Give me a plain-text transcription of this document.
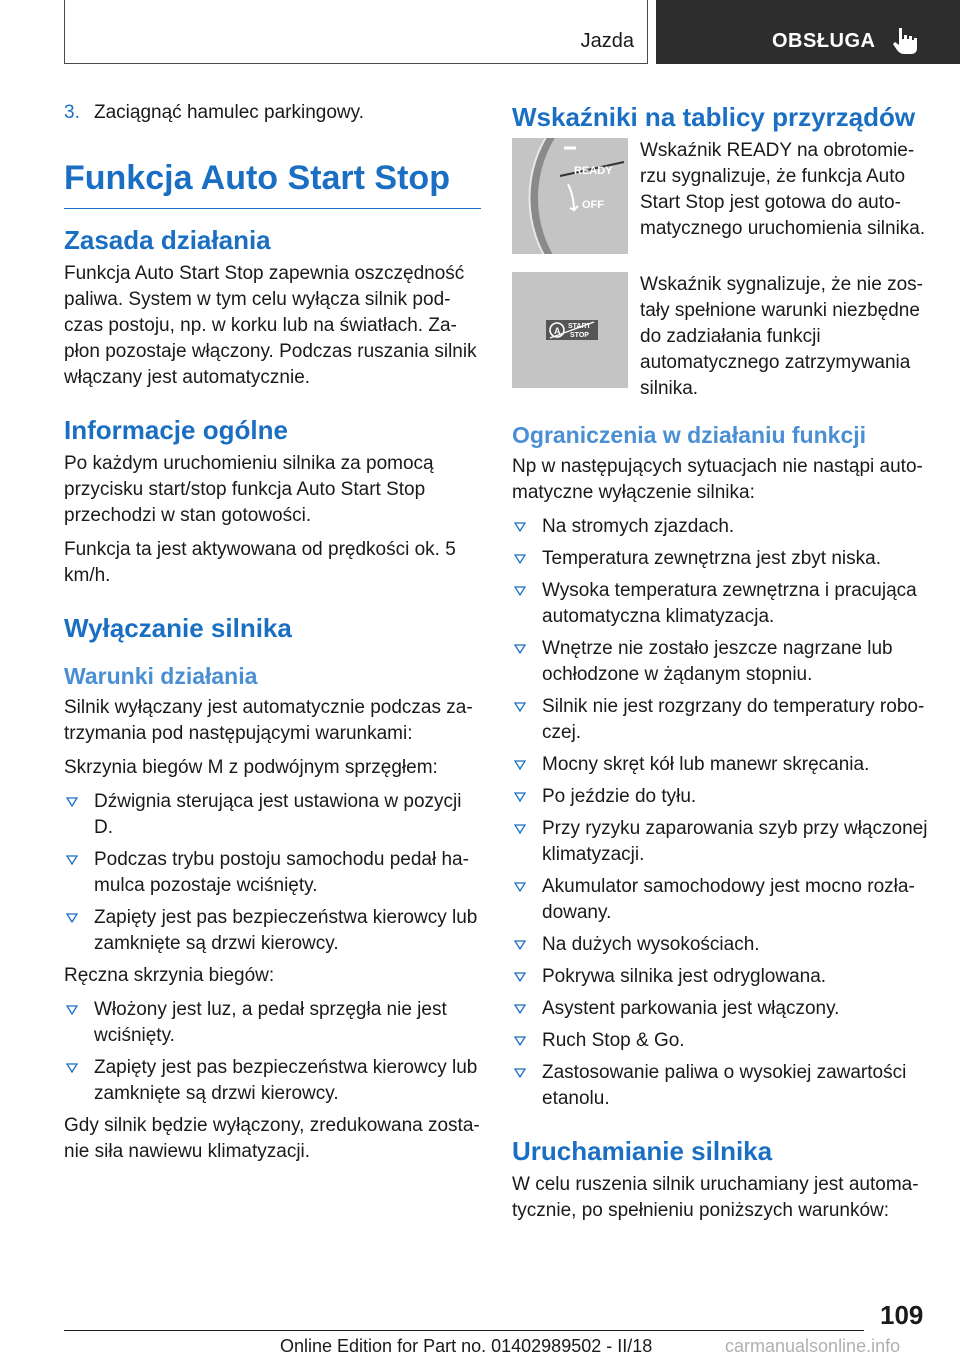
Jazda	OBSŁUGA
3. Zaciągnąć hamulec parkingowy.
Funkcja Auto Start Stop
Zasada działania

Funkcja Auto Start Stop zapewnia oszczędność paliwa. System w tym celu wyłącza silnik podczas postoju, np. w korku lub na światłach. Zapłon pozostaje włączony. Podczas ruszania silnik włączany jest automatycznie.

Informacje ogólne

Po każdym uruchomieniu silnika za pomocą przycisku start/stop funkcja Auto Start Stop przechodzi w stan gotowości.

Funkcja ta jest aktywowana od prędkości ok. 5 km/h.

Wyłączanie silnika
Warunki działania

Silnik wyłączany jest automatycznie podczas zatrzymania pod następującymi warunkami:

Skrzynia biegów M z podwójnym sprzęgłem:

Dźwignia sterująca jest ustawiona w pozycji D.
Podczas trybu postoju samochodu pedał hamulca pozostaje wciśnięty.
Zapięty jest pas bezpieczeństwa kierowcy lub zamknięte są drzwi kierowcy.

Ręczna skrzynia biegów:

Włożony jest luz, a pedał sprzęgła nie jest wciśnięty.
Zapięty jest pas bezpieczeństwa kierowcy lub zamknięte są drzwi kierowcy.

Gdy silnik będzie wyłączony, zredukowana zostanie siła nawiewu klimatyzacji.

Wskaźniki na tablicy przyrządów
READY
OFF
Wskaźnik READY na obrotomierzu sygnalizuje, że funkcja Auto Start Stop jest gotowa do automatycznego uruchomienia silnika.
A START
STOP
Wskaźnik sygnalizuje, że nie zostały spełnione warunki niezbędne do zadziałania funkcji automatycznego zatrzymywania silnika.
Ograniczenia w działaniu funkcji

Np w następujących sytuacjach nie nastąpi automatyczne wyłączenie silnika:

Na stromych zjazdach.
Temperatura zewnętrzna jest zbyt niska.
Wysoka temperatura zewnętrzna i pracująca automatyczna klimatyzacja.
Wnętrze nie zostało jeszcze nagrzane lub ochłodzone w żądanym stopniu.
Silnik nie jest rozgrzany do temperatury roboczej.
Mocny skręt kół lub manewr skręcania.
Po jeździe do tyłu.
Przy ryzyku zaparowania szyb przy włączonej klimatyzacji.
Akumulator samochodowy jest mocno rozładowany.
Na dużych wysokościach.
Pokrywa silnika jest odryglowana.
Asystent parkowania jest włączony.
Ruch Stop & Go.
Zastosowanie paliwa o wysokiej zawartości etanolu.
Uruchamianie silnika

W celu ruszenia silnik uruchamiany jest automatycznie, po spełnieniu poniższych warunków:

109
Online Edition for Part no. 01402989502 - II/18	carmanualsonline.info
